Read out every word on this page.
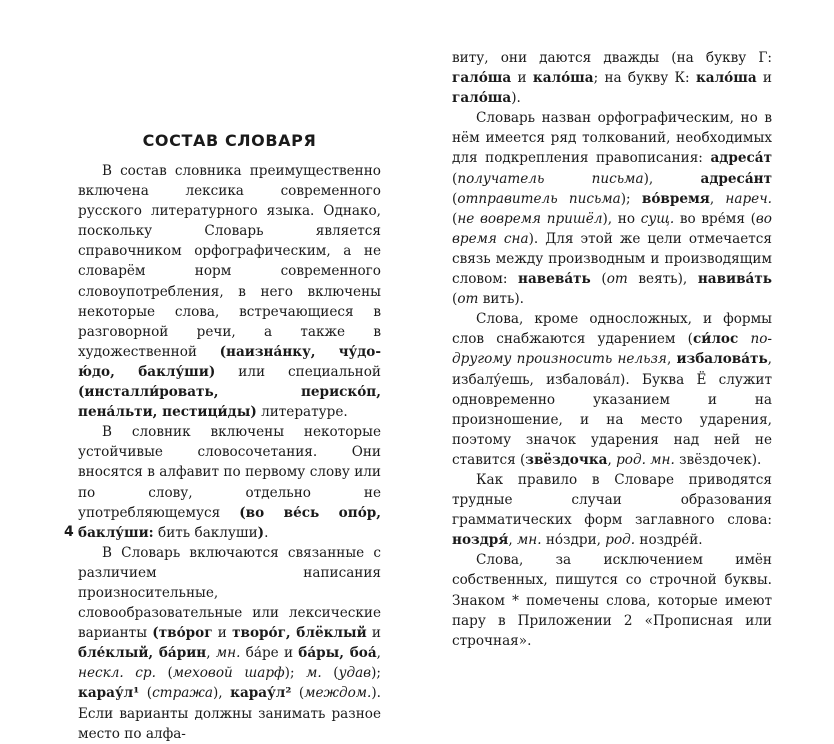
СОСТАВ СЛОВАРЯ

В состав словника преимущественно включена лексика современного русского литературного языка. Однако, поскольку Словарь является справочником орфографическим, а не словарём норм современного словоупотребления, в него включены некоторые слова, встречающиеся в разговорной речи, а также в художественной (наизна́нку, чу́до-ю́до, баклу́ши) или специальной (инсталли́ровать, периско́п, пена́льти, пестици́ды) литературе.

В словник включены некоторые устойчивые словосочетания. Они вносятся в алфавит по первому слову или по слову, отдельно не употребляющемуся (во ве́сь опо́р, баклу́ши: бить баклуши).

В Словарь включаются связанные с различием написания произносительные, словообразовательные или лексические варианты (тво́рог и творо́г, блёклый и бле́клый, ба́рин, мн. ба́ре и ба́ры, боа́, нескл. ср. (меховой шарф); м. (удав); карау́л¹ (стража), карау́л² (междом.). Если варианты должны занимать разное место по алфа-

4

виту, они даются дважды (на букву Г: гало́ша и кало́ша; на букву К: кало́ша и гало́ша).

Словарь назван орфографическим, но в нём имеется ряд толкований, необходимых для подкрепления правописания: адреса́т (получатель письма), адреса́нт (отправитель письма); во́время, нареч. (не вовремя пришёл), но сущ. во вре́мя (во время сна). Для этой же цели отмечается связь между производным и производящим словом: навева́ть (от веять), навива́ть (от вить).

Слова, кроме односложных, и формы слов снабжаются ударением (си́лос по-другому произносить нельзя, избалова́ть, избалу́ешь, избалова́л). Буква Ё служит одновременно указанием и на произношение, и на место ударения, поэтому значок ударения над ней не ставится (звёздочка, род. мн. звёздочек).

Как правило в Словаре приводятся трудные случаи образования грамматических форм заглавного слова: ноздря́, мн. но́здри, род. ноздре́й.

Слова, за исключением имён собственных, пишутся со строчной буквы. Знаком * помечены слова, которые имеют пару в Приложении 2 «Прописная или строчная».
